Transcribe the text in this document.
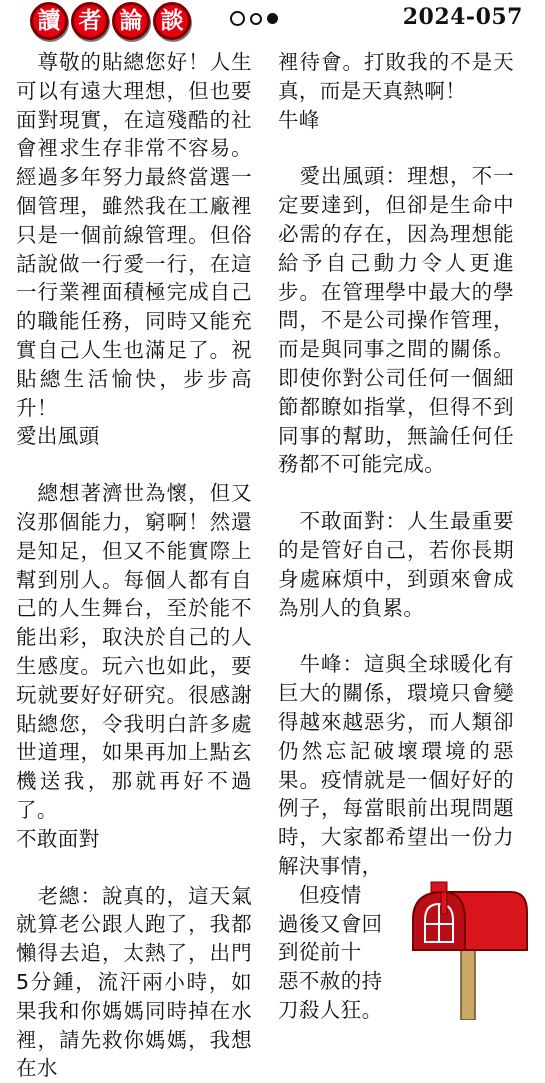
讀 者 論 談	2024-057

　尊敬的貼總您好！人生可以有遠大理想，但也要面對現實，在這殘酷的社會裡求生存非常不容易。經過多年努力最終當選一個管理，雖然我在工廠裡只是一個前線管理。但俗話說做一行愛一行，在這一行業裡面積極完成自己的職能任務，同時又能充實自己人生也滿足了。祝貼總生活愉快，步步高升！

愛出風頭

　總想著濟世為懷，但又沒那個能力，窮啊！然還是知足，但又不能實際上幫到別人。每個人都有自己的人生舞台，至於能不能出彩，取決於自己的人生感度。玩六也如此，要玩就要好好研究。很感謝貼總您，令我明白許多處世道理，如果再加上點玄機送我，那就再好不過了。

不敢面對

　老總：說真的，這天氣就算老公跟人跑了，我都懶得去追，太熱了，出門5分鍾，流汗兩小時，如果我和你媽媽同時掉在水裡，請先救你媽媽，我想在水

裡待會。打敗我的不是天真，而是天真熱啊！

牛峰

　愛出風頭：理想，不一定要達到，但卻是生命中必需的存在，因為理想能給予自己動力令人更進步。在管理學中最大的學問，不是公司操作管理，而是與同事之間的關係。即使你對公司任何一個細節都瞭如指掌，但得不到同事的幫助，無論任何任務都不可能完成。

　不敢面對：人生最重要的是管好自己，若你長期身處麻煩中，到頭來會成為別人的負累。

　牛峰：這與全球暖化有巨大的關係，環境只會變得越來越惡劣，而人類卻仍然忘記破壞環境的惡果。疫情就是一個好好的例子，每當眼前出現問題時，大家都希望出一份力解決事情，

　但疫情

過後又會回

到從前十

惡不赦的持

刀殺人狂。
